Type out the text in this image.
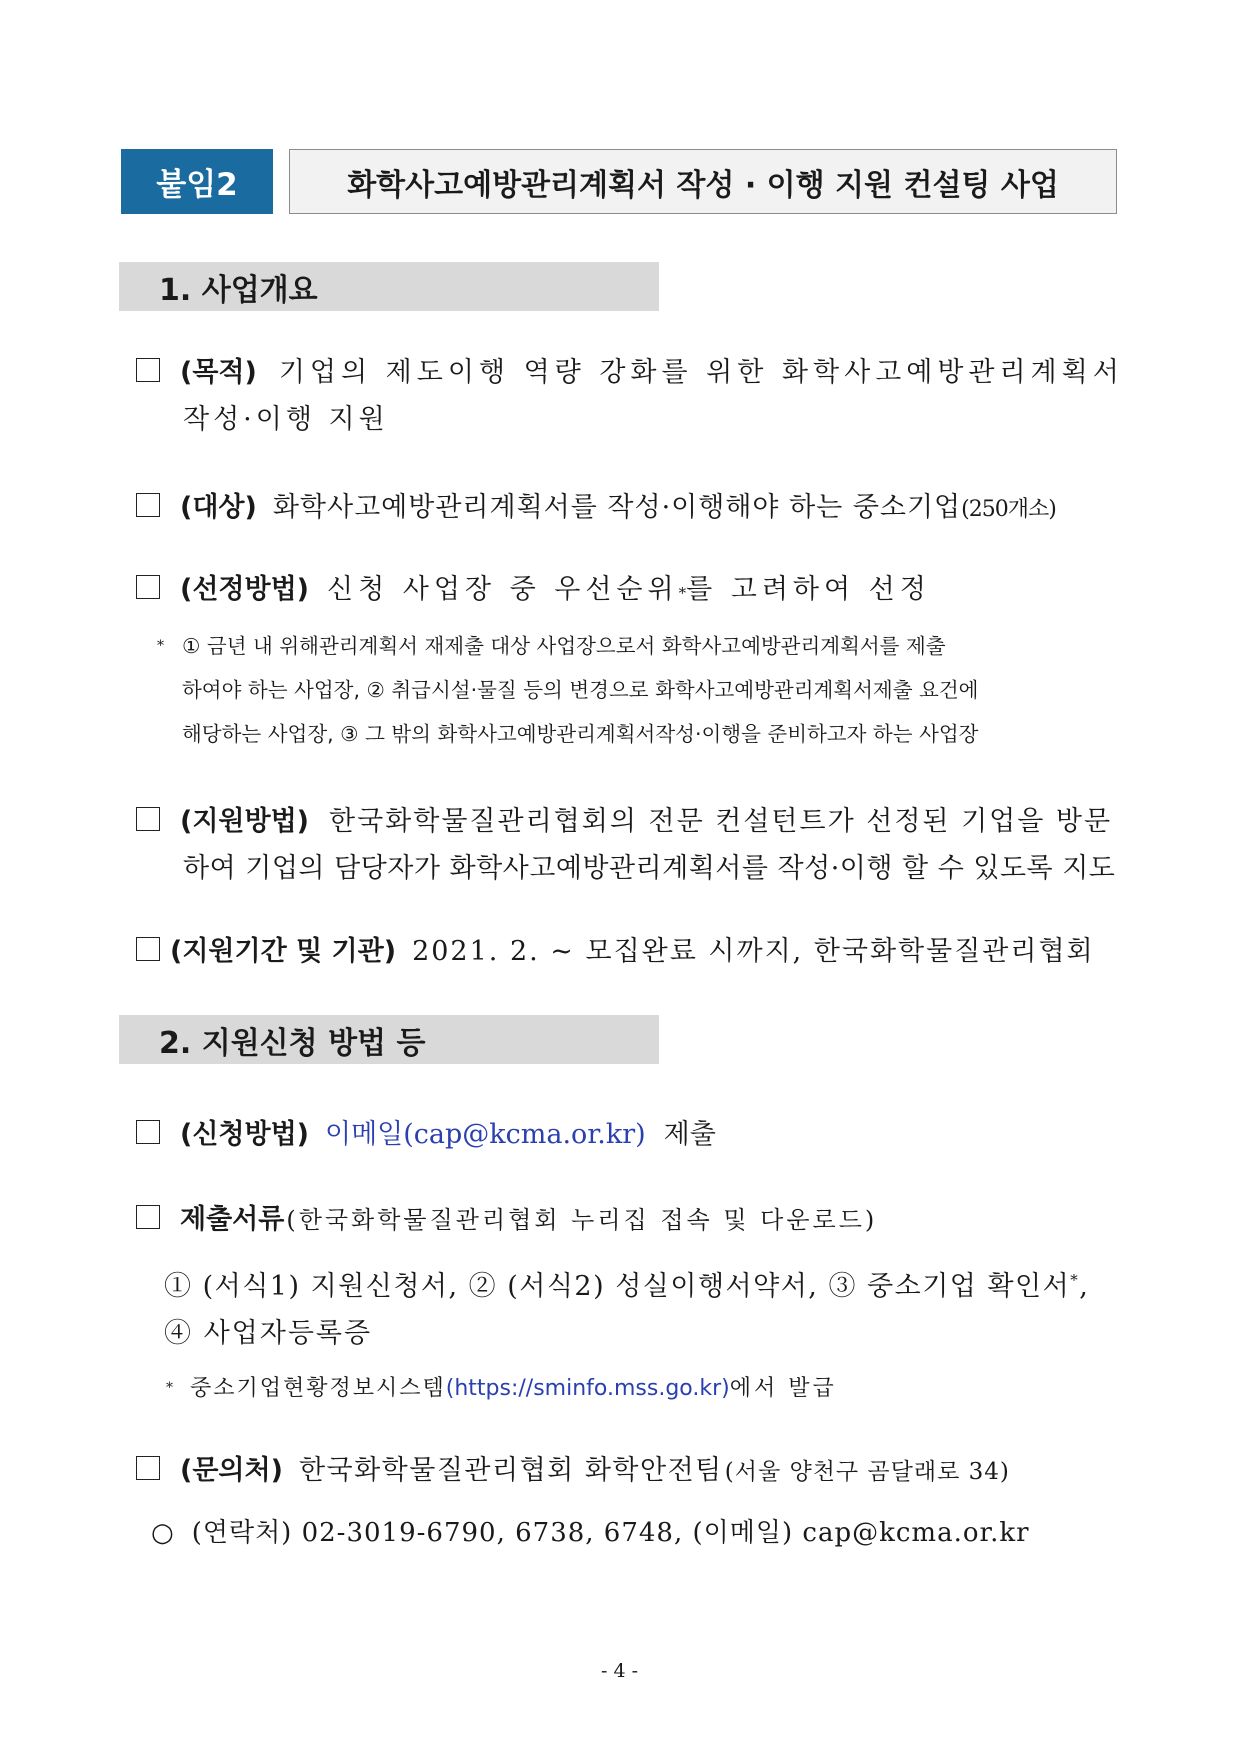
붙임2	화학사고예방관리계획서 작성 · 이행 지원 컨설팅 사업
1. 사업개요
(목적) 기업의 제도이행 역량 강화를 위한 화학사고예방관리계획서
작성·이행 지원
(대상) 화학사고예방관리계획서를 작성·이행해야 하는 중소기업 (250개소)
(선정방법) 신청 사업장 중 우선순위 * 를 고려하여 선정
* ① 금년 내 위해관리계획서 재제출 대상 사업장으로서 화학사고예방관리계획서를 제출
하여야 하는 사업장, ② 취급시설·물질 등의 변경으로 화학사고예방관리계획서제출 요건에
해당하는 사업장, ③ 그 밖의 화학사고예방관리계획서작성·이행을 준비하고자 하는 사업장
(지원방법) 한국화학물질관리협회의 전문 컨설턴트가 선정된 기업을 방문
하여 기업의 담당자가 화학사고예방관리계획서를 작성·이행 할 수 있도록 지도
(지원기간 및 기관) 2021. 2. ~ 모집완료 시까지, 한국화학물질관리협회
2. 지원신청 방법 등
(신청방법) 이메일(cap@kcma.or.kr) 제출
제출서류 (한국화학물질관리협회 누리집 접속 및 다운로드)
① (서식1) 지원신청서, ② (서식2) 성실이행서약서, ③ 중소기업 확인서*,
④ 사업자등록증
* 중소기업현황정보시스템(https://sminfo.mss.go.kr)에서 발급
(문의처) 한국화학물질관리협회 화학안전팀 (서울 양천구 곰달래로 34)
○ (연락처) 02-3019-6790, 6738, 6748, (이메일) cap@kcma.or.kr
- 4 -
